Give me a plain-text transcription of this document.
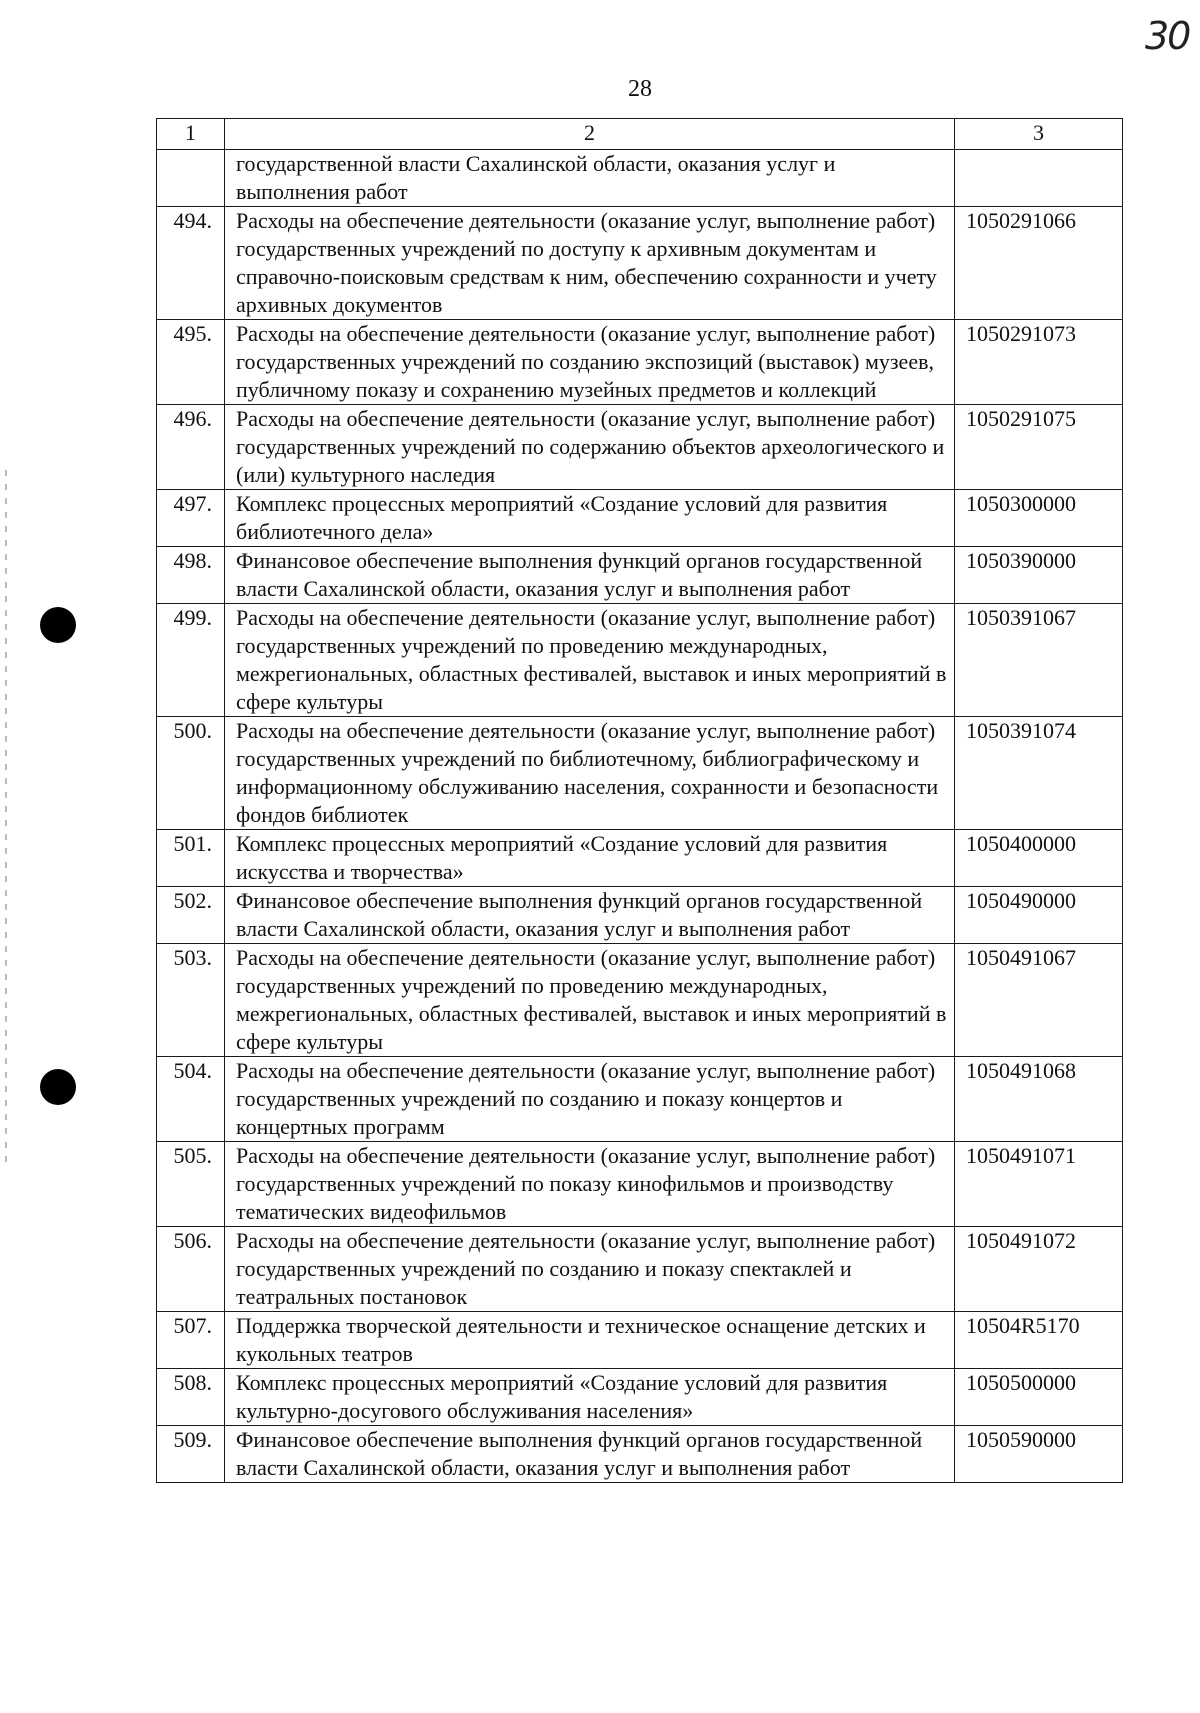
30
28
1	2	3
	государственной власти Сахалинской области, оказания услуг и выполнения работ	
494.	Расходы на обеспечение деятельности (оказание услуг, выполнение работ) государственных учреждений по доступу к архивным документам и справочно-поисковым средствам к ним, обеспечению сохранности и учету архивных документов	1050291066
495.	Расходы на обеспечение деятельности (оказание услуг, выполнение работ) государственных учреждений по созданию экспозиций (выставок) музеев, публичному показу и сохранению музейных предметов и коллекций	1050291073
496.	Расходы на обеспечение деятельности (оказание услуг, выполнение работ) государственных учреждений по содержанию объектов археологического и (или) культурного наследия	1050291075
497.	Комплекс процессных мероприятий «Создание условий для развития библиотечного дела»	1050300000
498.	Финансовое обеспечение выполнения функций органов государственной власти Сахалинской области, оказания услуг и выполнения работ	1050390000
499.	Расходы на обеспечение деятельности (оказание услуг, выполнение работ) государственных учреждений по проведению международных, межрегиональных, областных фестивалей, выставок и иных мероприятий в сфере культуры	1050391067
500.	Расходы на обеспечение деятельности (оказание услуг, выполнение работ) государственных учреждений по библиотечному, библиографическому и информационному обслуживанию населения, сохранности и безопасности фондов библиотек	1050391074
501.	Комплекс процессных мероприятий «Создание условий для развития искусства и творчества»	1050400000
502.	Финансовое обеспечение выполнения функций органов государственной власти Сахалинской области, оказания услуг и выполнения работ	1050490000
503.	Расходы на обеспечение деятельности (оказание услуг, выполнение работ) государственных учреждений по проведению международных, межрегиональных, областных фестивалей, выставок и иных мероприятий в сфере культуры	1050491067
504.	Расходы на обеспечение деятельности (оказание услуг, выполнение работ) государственных учреждений по созданию и показу концертов и концертных программ	1050491068
505.	Расходы на обеспечение деятельности (оказание услуг, выполнение работ) государственных учреждений по показу кинофильмов и производству тематических видеофильмов	1050491071
506.	Расходы на обеспечение деятельности (оказание услуг, выполнение работ) государственных учреждений по созданию и показу спектаклей и театральных постановок	1050491072
507.	Поддержка творческой деятельности и техническое оснащение детских и кукольных театров	10504R5170
508.	Комплекс процессных мероприятий «Создание условий для развития культурно-досугового обслуживания населения»	1050500000
509.	Финансовое обеспечение выполнения функций органов государственной власти Сахалинской области, оказания услуг и выполнения работ	1050590000
